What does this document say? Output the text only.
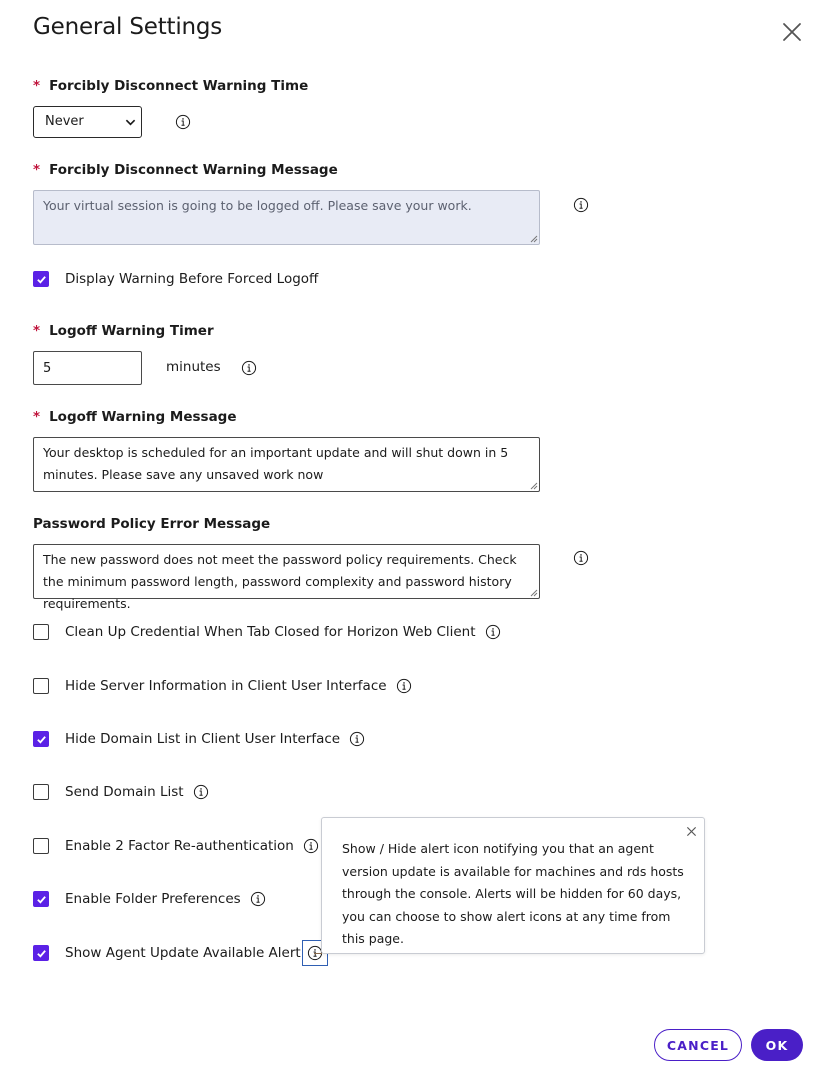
General Settings
* Forcibly Disconnect Warning Time
Never
* Forcibly Disconnect Warning Message
Your virtual session is going to be logged off. Please save your work.
Display Warning Before Forced Logoff
* Logoff Warning Timer
5	minutes
* Logoff Warning Message
Your desktop is scheduled for an important update and will shut down in 5 minutes. Please save any unsaved work now
Password Policy Error Message
The new password does not meet the password policy requirements. Check the minimum password length, password complexity and password history requirements.
Clean Up Credential When Tab Closed for Horizon Web Client
Hide Server Information in Client User Interface
Hide Domain List in Client User Interface
Send Domain List
Enable 2 Factor Re-authentication
Enable Folder Preferences
Show Agent Update Available Alert
Show / Hide alert icon notifying you that an agent version update is available for machines and rds hosts through the console. Alerts will be hidden for 60 days, you can choose to show alert icons at any time from this page.
CANCEL	OK
